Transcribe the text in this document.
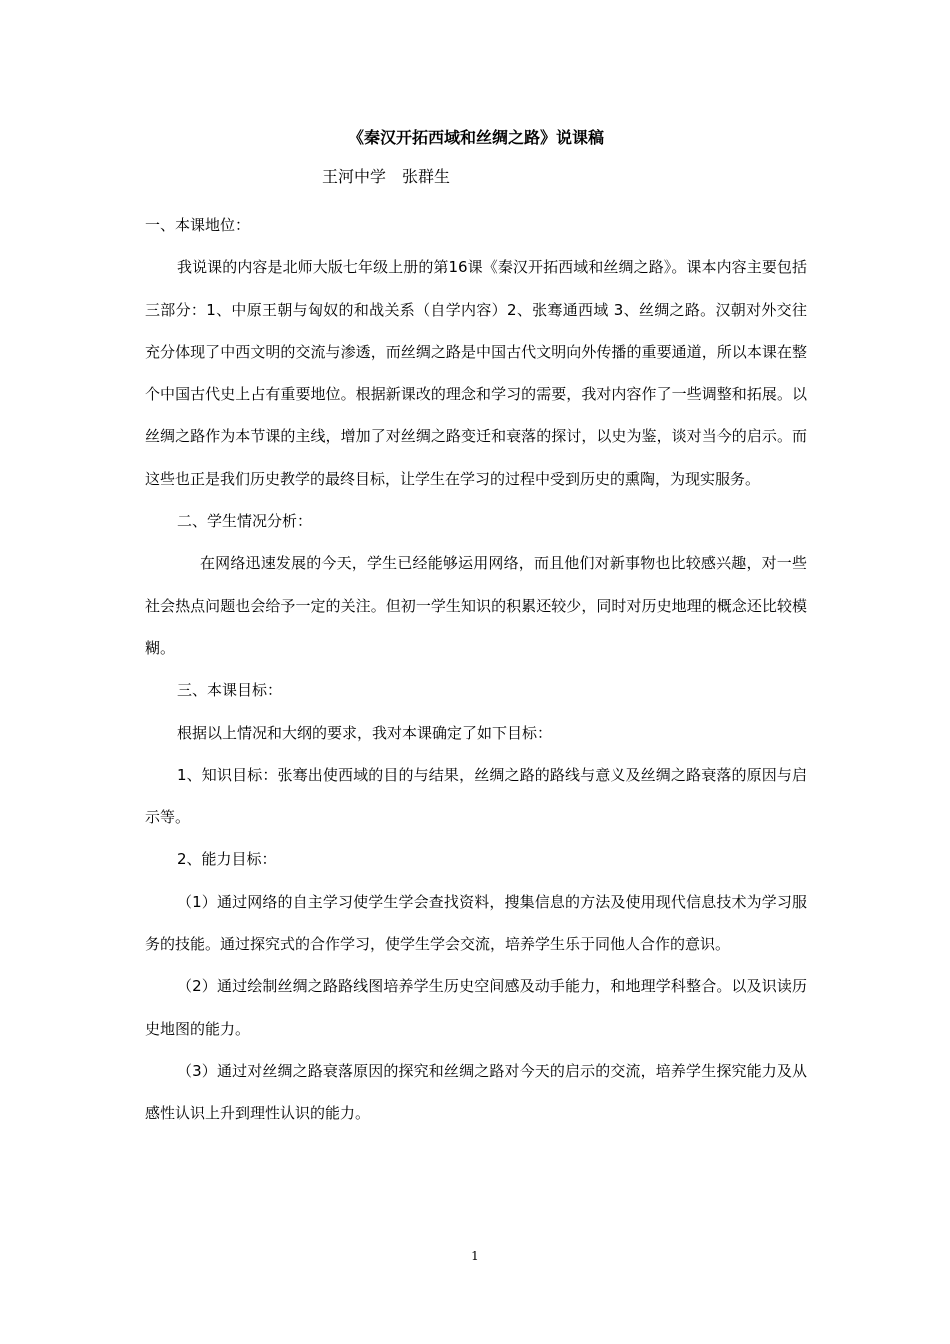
《秦汉开拓西域和丝绸之路》说课稿
王河中学　张群生

一、本课地位：

我说课的内容是北师大版七年级上册的第16课《秦汉开拓西域和丝绸之路》。课本内容主要包括三部分：1、中原王朝与匈奴的和战关系（自学内容）2、张骞通西域 3、丝绸之路。汉朝对外交往充分体现了中西文明的交流与渗透，而丝绸之路是中国古代文明向外传播的重要通道，所以本课在整个中国古代史上占有重要地位。根据新课改的理念和学习的需要，我对内容作了一些调整和拓展。以丝绸之路作为本节课的主线，增加了对丝绸之路变迁和衰落的探讨，以史为鉴，谈对当今的启示。而这些也正是我们历史教学的最终目标，让学生在学习的过程中受到历史的熏陶，为现实服务。

二、学生情况分析：

在网络迅速发展的今天，学生已经能够运用网络，而且他们对新事物也比较感兴趣，对一些社会热点问题也会给予一定的关注。但初一学生知识的积累还较少，同时对历史地理的概念还比较模糊。

三、本课目标：

根据以上情况和大纲的要求，我对本课确定了如下目标：

1、知识目标：张骞出使西域的目的与结果，丝绸之路的路线与意义及丝绸之路衰落的原因与启示等。

2、能力目标：

（1）通过网络的自主学习使学生学会查找资料，搜集信息的方法及使用现代信息技术为学习服务的技能。通过探究式的合作学习，使学生学会交流，培养学生乐于同他人合作的意识。

（2）通过绘制丝绸之路路线图培养学生历史空间感及动手能力，和地理学科整合。以及识读历史地图的能力。

（3）通过对丝绸之路衰落原因的探究和丝绸之路对今天的启示的交流，培养学生探究能力及从感性认识上升到理性认识的能力。

1
